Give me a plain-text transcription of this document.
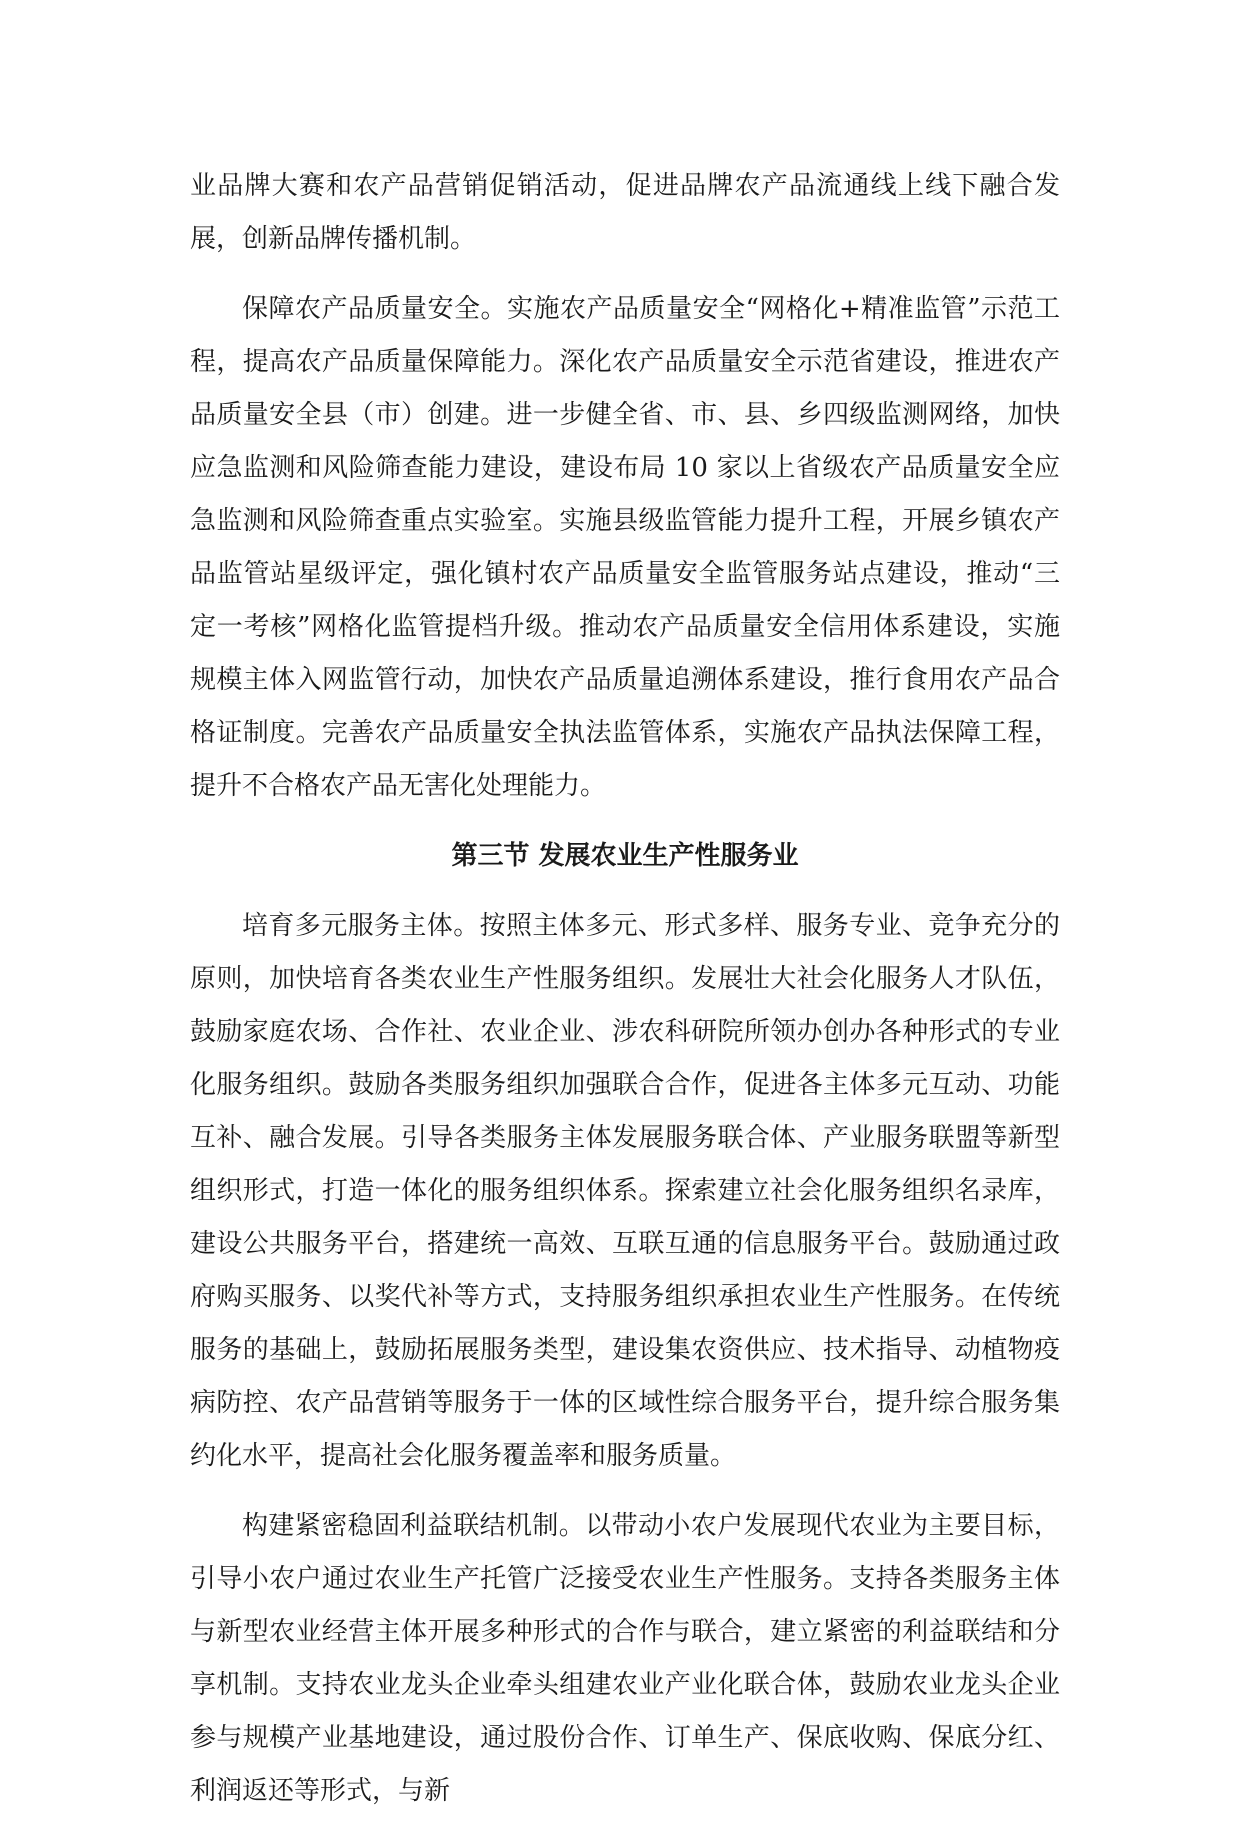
业品牌大赛和农产品营销促销活动，促进品牌农产品流通线上线下融合发展，创新品牌传播机制。

保障农产品质量安全。实施农产品质量安全“网格化+精准监管”示范工程，提高农产品质量保障能力。深化农产品质量安全示范省建设，推进农产品质量安全县（市）创建。进一步健全省、市、县、乡四级监测网络，加快应急监测和风险筛查能力建设，建设布局 10 家以上省级农产品质量安全应急监测和风险筛查重点实验室。实施县级监管能力提升工程，开展乡镇农产品监管站星级评定，强化镇村农产品质量安全监管服务站点建设，推动“三定一考核”网格化监管提档升级。推动农产品质量安全信用体系建设，实施规模主体入网监管行动，加快农产品质量追溯体系建设，推行食用农产品合格证制度。完善农产品质量安全执法监管体系，实施农产品执法保障工程，提升不合格农产品无害化处理能力。

第三节 发展农业生产性服务业

培育多元服务主体。按照主体多元、形式多样、服务专业、竞争充分的原则，加快培育各类农业生产性服务组织。发展壮大社会化服务人才队伍，鼓励家庭农场、合作社、农业企业、涉农科研院所领办创办各种形式的专业化服务组织。鼓励各类服务组织加强联合合作，促进各主体多元互动、功能互补、融合发展。引导各类服务主体发展服务联合体、产业服务联盟等新型组织形式，打造一体化的服务组织体系。探索建立社会化服务组织名录库，建设公共服务平台，搭建统一高效、互联互通的信息服务平台。鼓励通过政府购买服务、以奖代补等方式，支持服务组织承担农业生产性服务。在传统服务的基础上，鼓励拓展服务类型，建设集农资供应、技术指导、动植物疫病防控、农产品营销等服务于一体的区域性综合服务平台，提升综合服务集约化水平，提高社会化服务覆盖率和服务质量。

构建紧密稳固利益联结机制。以带动小农户发展现代农业为主要目标，引导小农户通过农业生产托管广泛接受农业生产性服务。支持各类服务主体与新型农业经营主体开展多种形式的合作与联合，建立紧密的利益联结和分享机制。支持农业龙头企业牵头组建农业产业化联合体，鼓励农业龙头企业参与规模产业基地建设，通过股份合作、订单生产、保底收购、保底分红、利润返还等形式，与新
